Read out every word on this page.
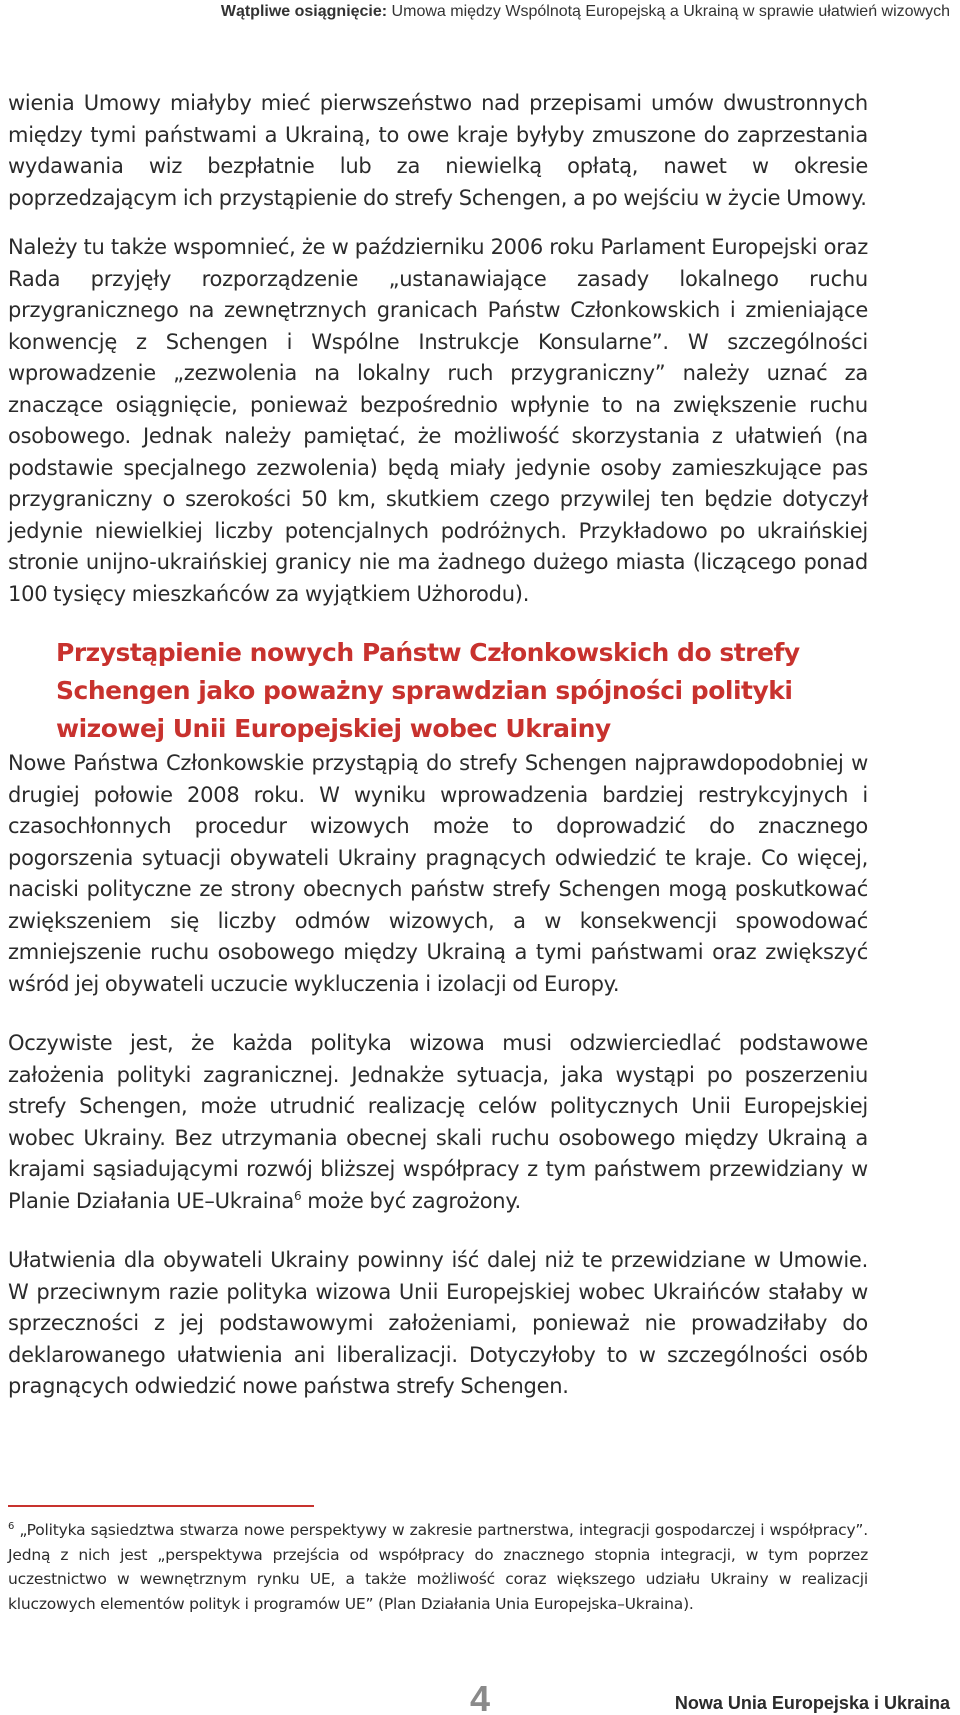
Wątpliwe osiągnięcie: Umowa między Wspólnotą Europejską a Ukrainą w sprawie ułatwień wizowych

wienia Umowy miałyby mieć pierwszeństwo nad przepisami umów dwustronnych między tymi państwami a Ukrainą, to owe kraje byłyby zmuszone do zaprzestania wydawania wiz bezpłatnie lub za niewielką opłatą, nawet w okresie poprzedzającym ich przystąpienie do strefy Schengen, a po wejściu w życie Umowy.

Należy tu także wspomnieć, że w październiku 2006 roku Parlament Europejski oraz Rada przyjęły rozporządzenie „ustanawiające zasady lokalnego ruchu przygranicznego na zewnętrznych granicach Państw Członkowskich i zmieniające konwencję z Schengen i Wspólne Instrukcje Konsularne”. W szczególności wprowadzenie „zezwolenia na lokalny ruch przygraniczny” należy uznać za znaczące osiągnięcie, ponieważ bezpośrednio wpłynie to na zwiększenie ruchu osobowego. Jednak należy pamiętać, że możliwość skorzystania z ułatwień (na podstawie specjalnego zezwolenia) będą miały jedynie osoby zamieszkujące pas przygraniczny o szerokości 50 km, skutkiem czego przywilej ten będzie dotyczył jedynie niewielkiej liczby potencjalnych podróżnych. Przykładowo po ukraińskiej stronie unijno-ukraińskiej granicy nie ma żadnego dużego miasta (liczącego ponad 100 tysięcy mieszkańców za wyjątkiem Użhorodu).

Przystąpienie nowych Państw Członkowskich do strefy Schengen jako poważny sprawdzian spójności polityki wizowej Unii Europejskiej wobec Ukrainy

Nowe Państwa Członkowskie przystąpią do strefy Schengen najprawdopodobniej w drugiej połowie 2008 roku. W wyniku wprowadzenia bardziej restrykcyjnych i czasochłonnych procedur wizowych może to doprowadzić do znacznego pogorszenia sytuacji obywateli Ukrainy pragnących odwiedzić te kraje. Co więcej, naciski polityczne ze strony obecnych państw strefy Schengen mogą poskutkować zwiększeniem się liczby odmów wizowych, a w konsekwencji spowodować zmniejszenie ruchu osobowego między Ukrainą a tymi państwami oraz zwiększyć wśród jej obywateli uczucie wykluczenia i izolacji od Europy.

Oczywiste jest, że każda polityka wizowa musi odzwierciedlać podstawowe założenia polityki zagranicznej. Jednakże sytuacja, jaka wystąpi po poszerzeniu strefy Schengen, może utrudnić realizację celów politycznych Unii Europejskiej wobec Ukrainy. Bez utrzymania obecnej skali ruchu osobowego między Ukrainą a krajami sąsiadującymi rozwój bliższej współpracy z tym państwem przewidziany w Planie Działania UE–Ukraina$^6$ może być zagrożony.

Ułatwienia dla obywateli Ukrainy powinny iść dalej niż te przewidziane w Umowie. W przeciwnym razie polityka wizowa Unii Europejskiej wobec Ukraińców stałaby w sprzeczności z jej podstawowymi założeniami, ponieważ nie prowadziłaby do deklarowanego ułatwienia ani liberalizacji. Dotyczyłoby to w szczególności osób pragnących odwiedzić nowe państwa strefy Schengen.

$^6$ „Polityka sąsiedztwa stwarza nowe perspektywy w zakresie partnerstwa, integracji gospodarczej i współpracy”. Jedną z nich jest „perspektywa przejścia od współpracy do znacznego stopnia integracji, w tym poprzez uczestnictwo w wewnętrznym rynku UE, a także możliwość coraz większego udziału Ukrainy w realizacji kluczowych elementów polityk i programów UE” (Plan Działania Unia Europejska–Ukraina).
4	Nowa Unia Europejska i Ukraina
